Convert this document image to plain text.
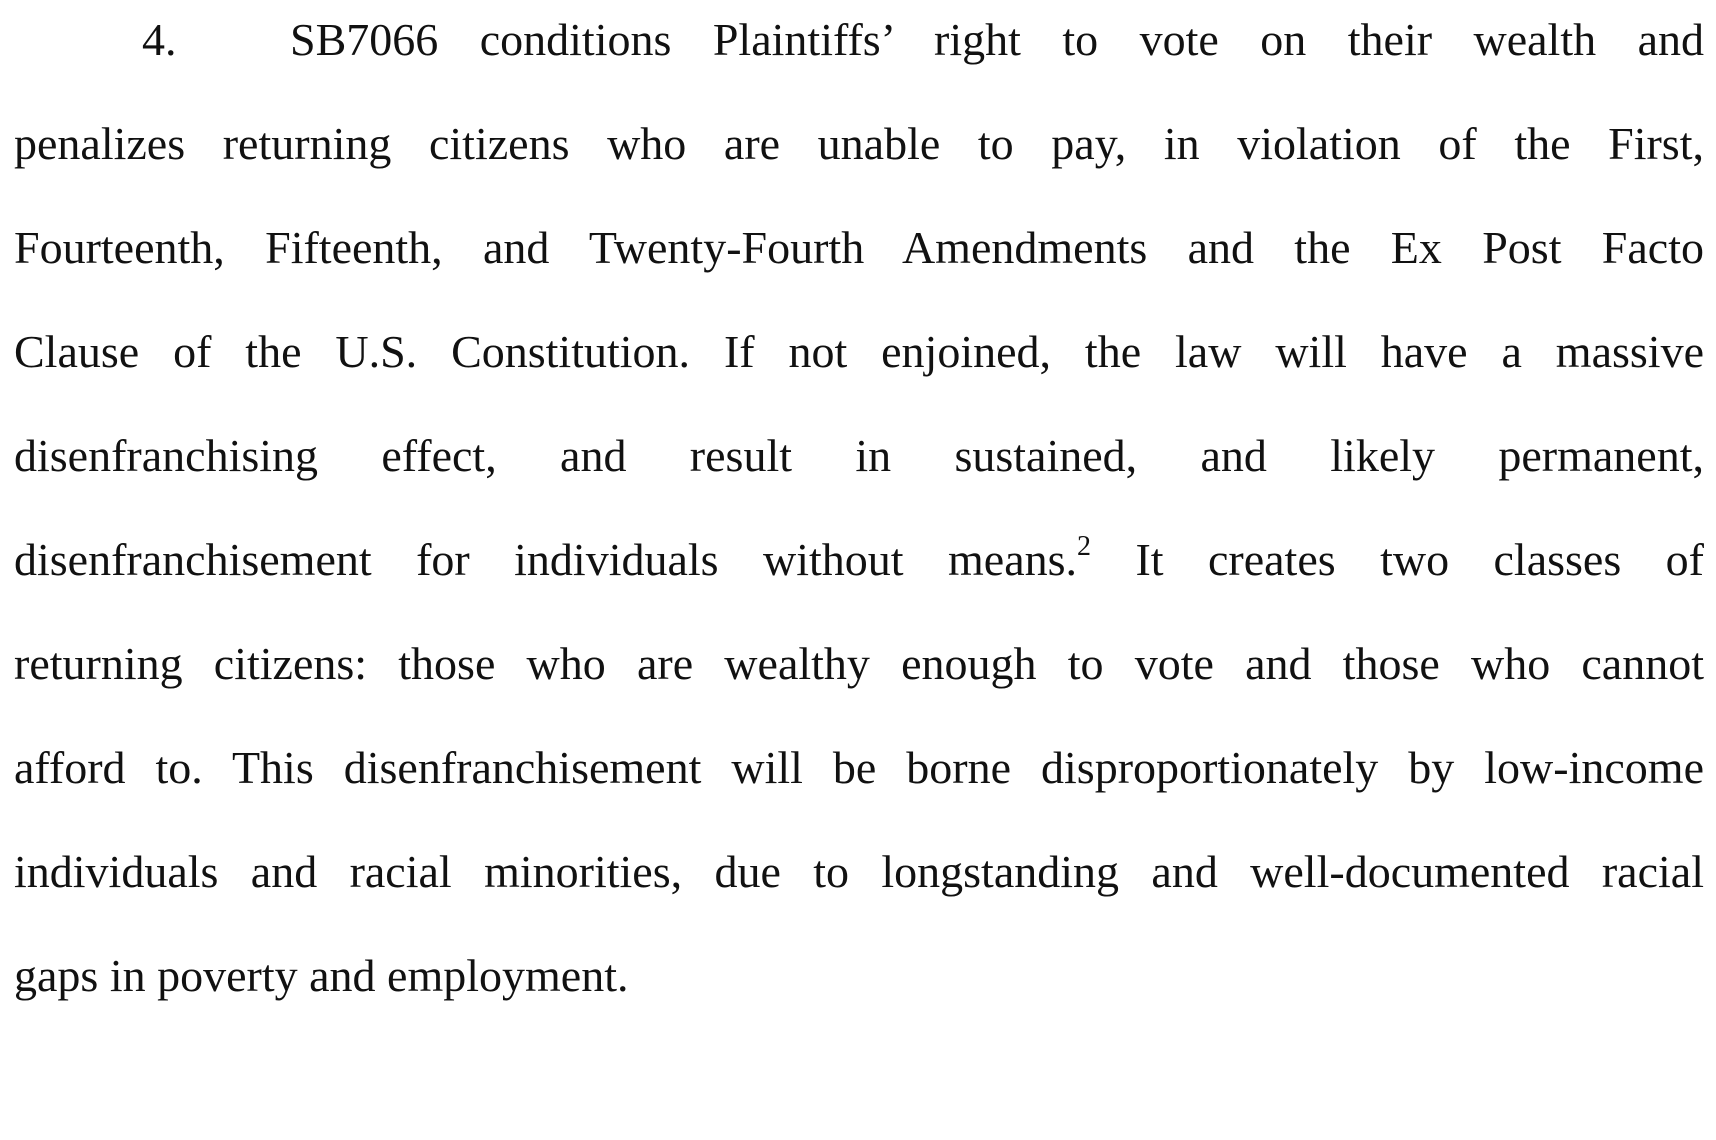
4. SB7066 conditions Plaintiffs’ right to vote on their wealth and
penalizes returning citizens who are unable to pay, in violation of the First,
Fourteenth, Fifteenth, and Twenty-Fourth Amendments and the Ex Post Facto
Clause of the U.S. Constitution. If not enjoined, the law will have a massive
disenfranchising effect, and result in sustained, and likely permanent,
disenfranchisement for individuals without means.$^2$ It creates two classes of
returning citizens: those who are wealthy enough to vote and those who cannot
afford to. This disenfranchisement will be borne disproportionately by low-income
individuals and racial minorities, due to longstanding and well-documented racial
gaps in poverty and employment.
